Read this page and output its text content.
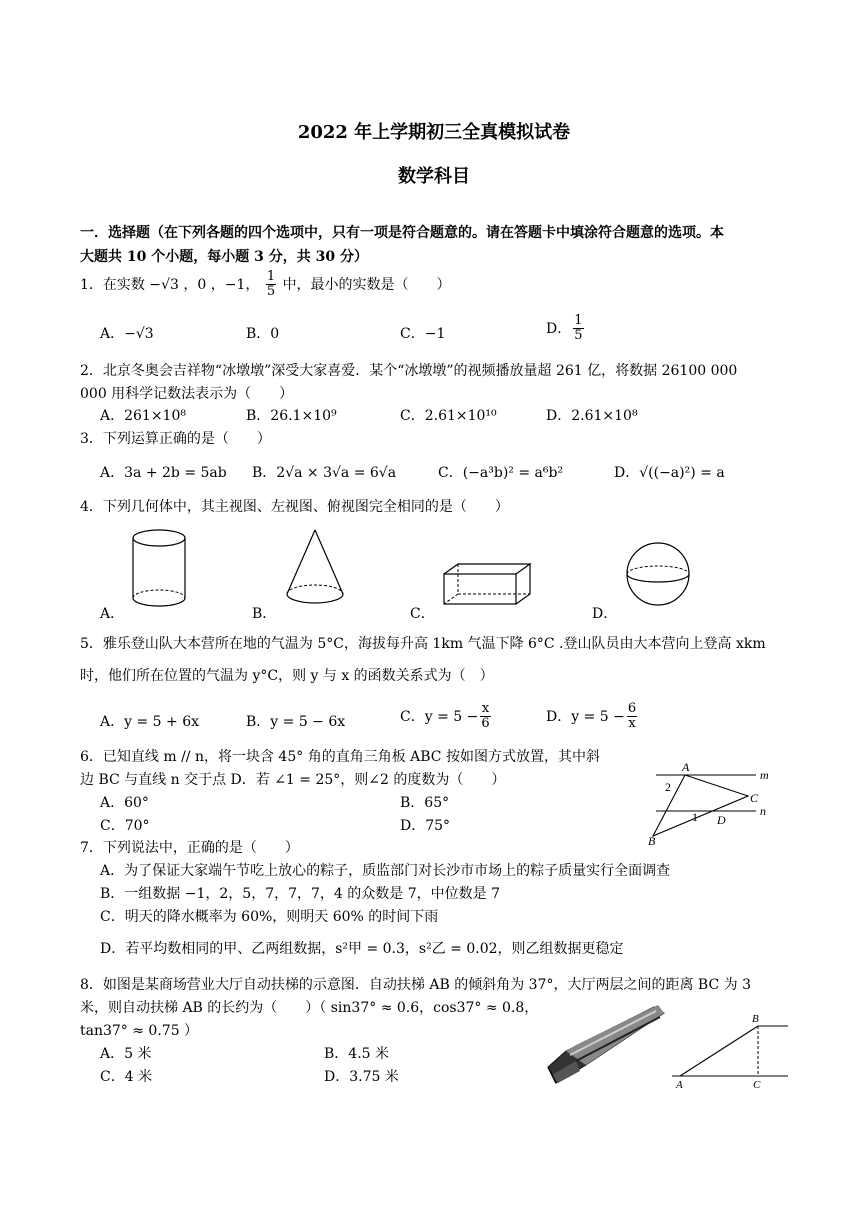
2022 年上学期初三全真模拟试卷
数学科目
一．选择题（在下列各题的四个选项中，只有一项是符合题意的。请在答题卡中填涂符合题意的选项。本
大题共 10 个小题，每小题 3 分，共 30 分）
1．在实数 −√3 ，0 ，−1， $\frac{1}{5}$ 中，最小的实数是（　　）
A．−√3	B．0	C．−1	D． $\frac{1}{5}$
2．北京冬奥会吉祥物“冰墩墩”深受大家喜爱．某个“冰墩墩”的视频播放量超 261 亿，将数据 26100 000
000 用科学记数法表示为（　　）
A．261×10⁸	B．26.1×10⁹	C．2.61×10¹⁰	D．2.61×10⁸
3．下列运算正确的是（　　）
A．3a + 2b = 5ab B．2√a × 3√a = 6√a	C．(−a³b)² = a⁶b²	D．√((−a)²) = a
4．下列几何体中，其主视图、左视图、俯视图完全相同的是（　　）
A．	B．	C．	D．
5．雅乐登山队大本营所在地的气温为 5°C，海拔每升高 1km 气温下降 6°C .登山队员由大本营向上登高 xkm
时，他们所在位置的气温为 y°C，则 y 与 x 的函数关系式为（　）
A．y = 5 + 6x	B．y = 5 − 6x	C．$y = 5 - \frac{x}{6}$	D．$y = 5 - \frac{6}{x}$
6．已知直线 m // n，将一块含 45° 角的直角三角板 ABC 按如图方式放置，其中斜
边 BC 与直线 n 交于点 D．若 ∠1 = 25°，则∠2 的度数为（　　）
A．60°	B．65°
C．70°	D．75°
A
m
2
C
n
1 D
B
7．下列说法中，正确的是（　　）
A．为了保证大家端午节吃上放心的粽子，质监部门对长沙市市场上的粽子质量实行全面调查
B．一组数据 −1，2，5，7，7，7，4 的众数是 7，中位数是 7
C．明天的降水概率为 60%，则明天 60% 的时间下雨
D．若平均数相同的甲、乙两组数据，s²甲 = 0.3，s²乙 = 0.02，则乙组数据更稳定
8．如图是某商场营业大厅自动扶梯的示意图．自动扶梯 AB 的倾斜角为 37°，大厅两层之间的距离 BC 为 3
米，则自动扶梯 AB 的长约为（　　）（ sin37° ≈ 0.6，cos37° ≈ 0.8，
tan37° ≈ 0.75 ）
A．5 米	B．4.5 米
C．4 米	D．3.75 米
B
A	C
